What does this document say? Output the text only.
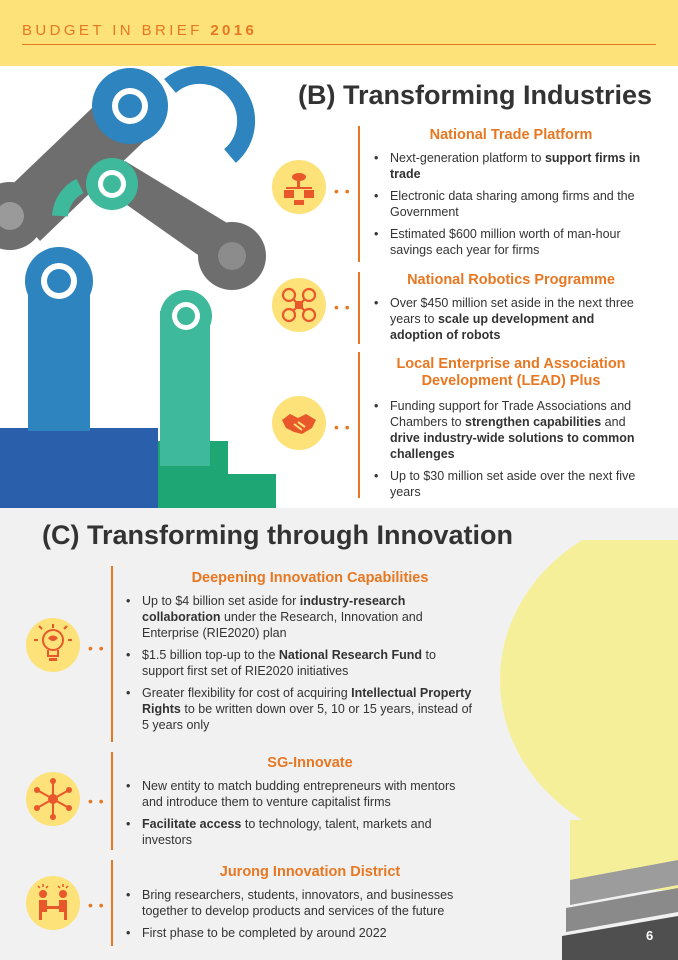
BUDGET IN BRIEF 2016
(B) Transforming Industries
• •
National Trade Platform
• Next-generation platform to support firms in trade
• Electronic data sharing among firms and the Government
• Estimated $600 million worth of man-hour savings each year for firms
• •
National Robotics Programme
• Over $450 million set aside in the next three years to scale up development and adoption of robots
• •
Local Enterprise and Association Development (LEAD) Plus
• Funding support for Trade Associations and Chambers to strengthen capabilities and drive industry-wide solutions to common challenges
• Up to $30 million set aside over the next five years
(C) Transforming through Innovation
• •
Deepening Innovation Capabilities
• Up to $4 billion set aside for industry-research collaboration under the Research, Innovation and Enterprise (RIE2020) plan
• $1.5 billion top-up to the National Research Fund to support first set of RIE2020 initiatives
• Greater flexibility for cost of acquiring Intellectual Property Rights to be written down over 5, 10 or 15 years, instead of 5 years only
• •
SG-Innovate
• New entity to match budding entrepreneurs with mentors and introduce them to venture capitalist firms
• Facilitate access to technology, talent, markets and investors
• •
Jurong Innovation District
• Bring researchers, students, innovators, and businesses together to develop products and services of the future
• First phase to be completed by around 2022	6
